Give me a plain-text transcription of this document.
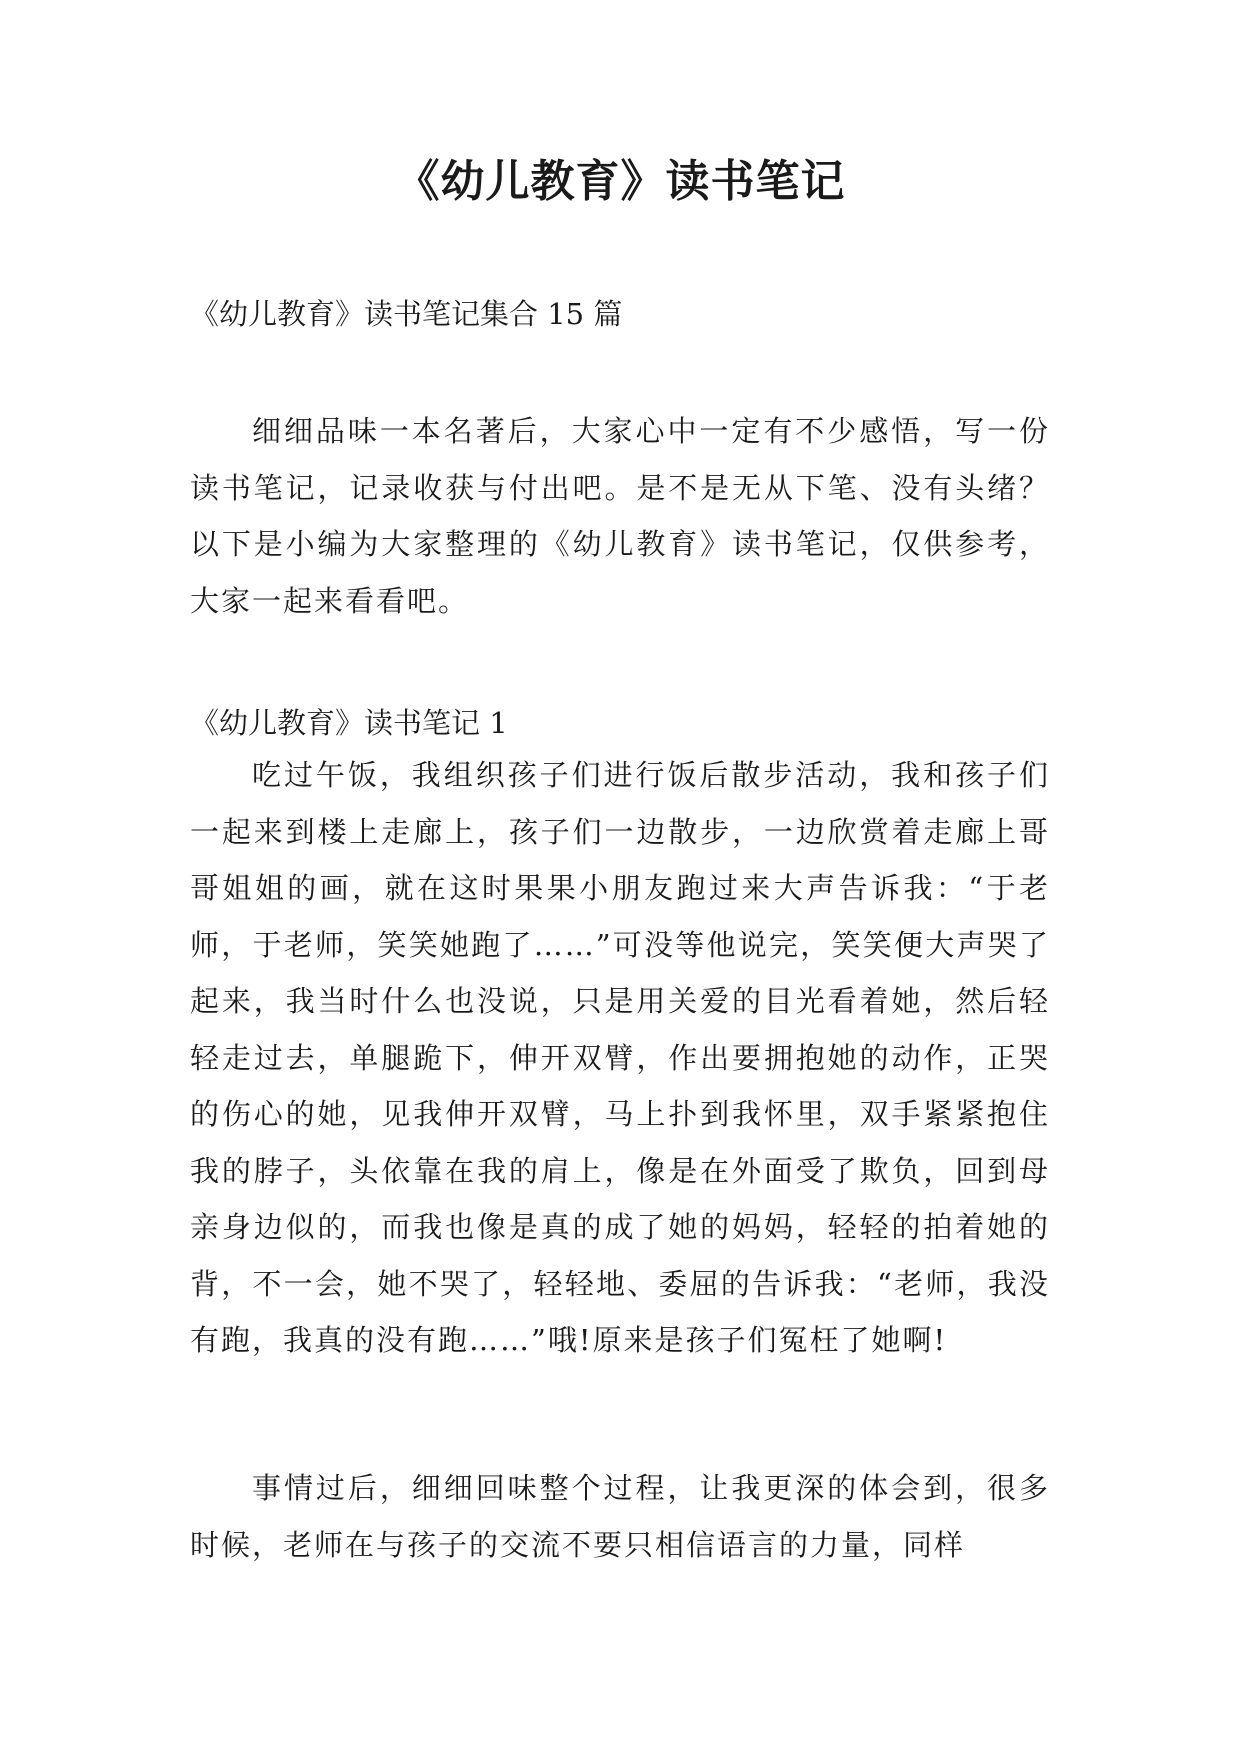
《幼儿教育》读书笔记

《幼儿教育》读书笔记集合 15 篇

细细品味一本名著后，大家心中一定有不少感悟，写一份读书笔记，记录收获与付出吧。是不是无从下笔、没有头绪？以下是小编为大家整理的《幼儿教育》读书笔记，仅供参考，大家一起来看看吧。

《幼儿教育》读书笔记 1

吃过午饭，我组织孩子们进行饭后散步活动，我和孩子们一起来到楼上走廊上，孩子们一边散步，一边欣赏着走廊上哥哥姐姐的画，就在这时果果小朋友跑过来大声告诉我：“于老师，于老师，笑笑她跑了……”可没等他说完，笑笑便大声哭了起来，我当时什么也没说，只是用关爱的目光看着她，然后轻轻走过去，单腿跪下，伸开双臂，作出要拥抱她的动作，正哭的伤心的她，见我伸开双臂，马上扑到我怀里，双手紧紧抱住我的脖子，头依靠在我的肩上，像是在外面受了欺负，回到母亲身边似的，而我也像是真的成了她的妈妈，轻轻的拍着她的背，不一会，她不哭了，轻轻地、委屈的告诉我：“老师，我没有跑，我真的没有跑……”哦!原来是孩子们冤枉了她啊!

事情过后，细细回味整个过程，让我更深的体会到，很多时候，老师在与孩子的交流不要只相信语言的力量，同样
